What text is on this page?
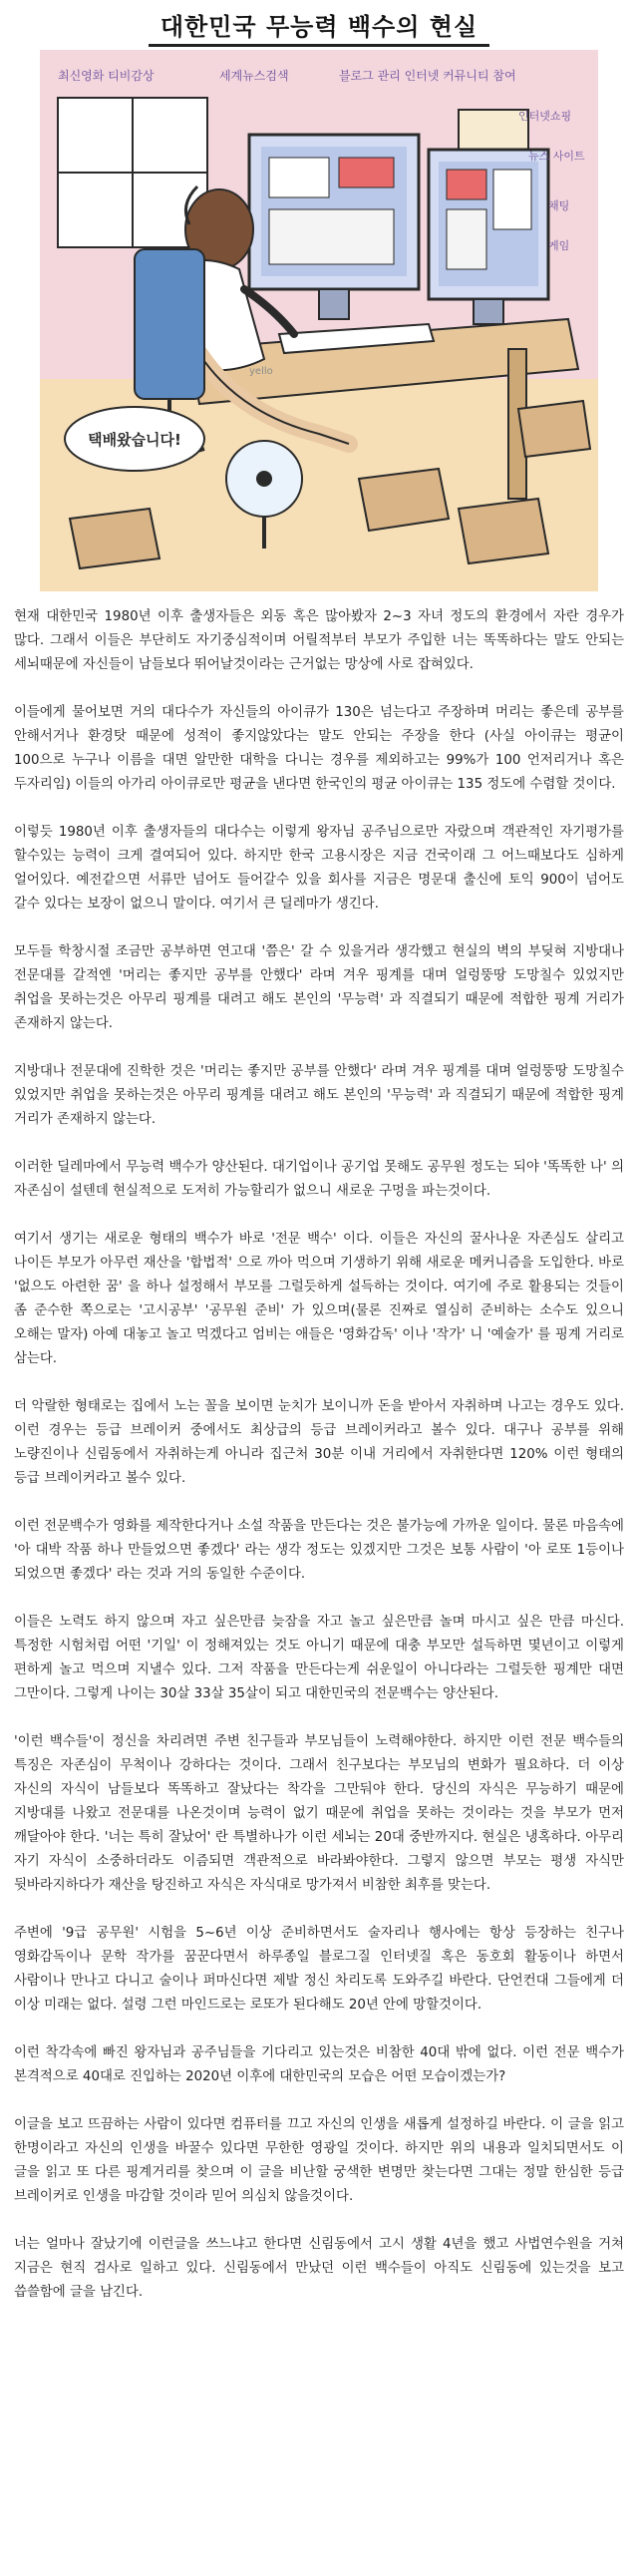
대한민국 무능력 백수의 현실
택배왔습니다!
최신영화 티비감상	세계뉴스검색	블로그 관리 인터넷 커뮤니티 참여
인터넷쇼핑
뉴스 사이트
채팅
게임
yello

현재 대한민국 1980년 이후 출생자들은 외동 혹은 많아봤자 2~3 자녀 정도의 환경에서 자란 경우가 많다. 그래서 이들은 부단히도 자기중심적이며 어릴적부터 부모가 주입한 너는 똑똑하다는 말도 안되는 세뇌때문에 자신들이 남들보다 뛰어날것이라는 근거없는 망상에 사로 잡혀있다.

이들에게 물어보면 거의 대다수가 자신들의 아이큐가 130은 넘는다고 주장하며 머리는 좋은데 공부를 안해서거나 환경탓 때문에 성적이 좋지않았다는 말도 안되는 주장을 한다 (사실 아이큐는 평균이 100으로 누구나 이름을 대면 알만한 대학을 다니는 경우를 제외하고는 99%가 100 언저리거나 혹은 두자리임) 이들의 아가리 아이큐로만 평균을 낸다면 한국인의 평균 아이큐는 135 정도에 수렴할 것이다.

이렇듯 1980년 이후 출생자들의 대다수는 이렇게 왕자님 공주님으로만 자랐으며 객관적인 자기평가를 할수있는 능력이 크게 결여되어 있다. 하지만 한국 고용시장은 지금 건국이래 그 어느때보다도 심하게 얼어있다. 예전같으면 서류만 넘어도 들어갈수 있을 회사를 지금은 명문대 출신에 토익 900이 넘어도 갈수 있다는 보장이 없으니 말이다. 여기서 큰 딜레마가 생긴다.

모두들 학창시절 조금만 공부하면 연고대 '쯤은' 갈 수 있을거라 생각했고 현실의 벽의 부딪혀 지방대나 전문대를 갈적엔 '머리는 좋지만 공부를 안했다' 라며 겨우 핑계를 대며 얼렁뚱땅 도망칠수 있었지만 취업을 못하는것은 아무리 핑계를 대려고 해도 본인의 '무능력' 과 직결되기 때문에 적합한 핑계 거리가 존재하지 않는다.

지방대나 전문대에 진학한 것은 '머리는 좋지만 공부를 안했다' 라며 겨우 핑계를 대며 얼렁뚱땅 도망칠수 있었지만 취업을 못하는것은 아무리 핑계를 대려고 해도 본인의 '무능력' 과 직결되기 때문에 적합한 핑계 거리가 존재하지 않는다.

이러한 딜레마에서 무능력 백수가 양산된다. 대기업이나 공기업 못해도 공무원 정도는 되야 '똑똑한 나' 의 자존심이 설텐데 현실적으로 도저히 가능할리가 없으니 새로운 구멍을 파는것이다.

여기서 생기는 새로운 형태의 백수가 바로 '전문 백수' 이다. 이들은 자신의 꿀사나운 자존심도 살리고 나이든 부모가 아무런 재산을 '합법적' 으로 까아 먹으며 기생하기 위해 새로운 메커니즘을 도입한다. 바로 '없으도 아련한 꿈' 을 하나 설정해서 부모를 그럴듯하게 설득하는 것이다. 여기에 주로 활용되는 것들이 좀 준수한 쪽으로는 '고시공부' '공무원 준비' 가 있으며(물론 진짜로 열심히 준비하는 소수도 있으니 오해는 말자) 아예 대놓고 놀고 먹겠다고 엄비는 애들은 '영화감독' 이나 '작가' 니 '예술가' 를 핑계 거리로 삼는다.

더 악랄한 형태로는 집에서 노는 꼴을 보이면 눈치가 보이니까 돈을 받아서 자취하며 나고는 경우도 있다. 이런 경우는 등급 브레이커 중에서도 최상급의 등급 브레이커라고 볼수 있다. 대구나 공부를 위해 노량진이나 신림동에서 자취하는게 아니라 집근처 30분 이내 거리에서 자취한다면 120% 이런 형태의 등급 브레이커라고 볼수 있다.

이런 전문백수가 영화를 제작한다거나 소설 작품을 만든다는 것은 불가능에 가까운 일이다. 물론 마음속에 '아 대박 작품 하나 만들었으면 좋겠다' 라는 생각 정도는 있겠지만 그것은 보통 사람이 '아 로또 1등이나 되었으면 좋겠다' 라는 것과 거의 동일한 수준이다.

이들은 노력도 하지 않으며 자고 싶은만큼 늦잠을 자고 놀고 싶은만큼 놀며 마시고 싶은 만큼 마신다. 특정한 시험처럼 어떤 '기일' 이 정해져있는 것도 아니기 때문에 대충 부모만 설득하면 몇년이고 이렇게 편하게 놀고 먹으며 지낼수 있다. 그저 작품을 만든다는게 쉬운일이 아니다라는 그럴듯한 핑계만 대면 그만이다. 그렇게 나이는 30살 33살 35살이 되고 대한민국의 전문백수는 양산된다.

'이런 백수들'이 정신을 차리려면 주변 친구들과 부모님들이 노력해야한다. 하지만 이런 전문 백수들의 특징은 자존심이 무척이나 강하다는 것이다. 그래서 친구보다는 부모님의 변화가 필요하다. 더 이상 자신의 자식이 남들보다 똑똑하고 잘났다는 착각을 그만둬야 한다. 당신의 자식은 무능하기 때문에 지방대를 나왔고 전문대를 나온것이며 능력이 없기 때문에 취업을 못하는 것이라는 것을 부모가 먼저 깨달아야 한다. '너는 특히 잘났어' 란 특별하나가 이런 세뇌는 20대 중반까지다. 현실은 냉혹하다. 아무리 자기 자식이 소중하더라도 이즘되면 객관적으로 바라봐야한다. 그렇지 않으면 부모는 평생 자식만 뒷바라지하다가 재산을 탕진하고 자식은 자식대로 망가져서 비참한 최후를 맞는다.

주변에 '9급 공무원' 시험을 5~6년 이상 준비하면서도 술자리나 행사에는 항상 등장하는 친구나 영화감독이나 문학 작가를 꿈꾼다면서 하루종일 블로그질 인터넷질 혹은 동호회 활동이나 하면서 사람이나 만나고 다니고 술이나 퍼마신다면 제발 정신 차리도록 도와주길 바란다. 단언컨대 그들에게 더 이상 미래는 없다. 설령 그런 마인드로는 로또가 된다해도 20년 안에 망할것이다.

이런 착각속에 빠진 왕자님과 공주님들을 기다리고 있는것은 비참한 40대 밖에 없다. 이런 전문 백수가 본격적으로 40대로 진입하는 2020년 이후에 대한민국의 모습은 어떤 모습이겠는가?

이글을 보고 뜨끔하는 사람이 있다면 컴퓨터를 끄고 자신의 인생을 새롭게 설정하길 바란다. 이 글을 읽고 한명이라고 자신의 인생을 바꿀수 있다면 무한한 영광일 것이다. 하지만 위의 내용과 일치되면서도 이 글을 읽고 또 다른 핑계거리를 찾으며 이 글을 비난할 궁색한 변명만 찾는다면 그대는 정말 한심한 등급 브레이커로 인생을 마감할 것이라 믿어 의심치 않을것이다.

너는 얼마나 잘났기에 이런글을 쓰느냐고 한다면 신림동에서 고시 생활 4년을 했고 사법연수원을 거쳐 지금은 현직 검사로 일하고 있다. 신림동에서 만났던 이런 백수들이 아직도 신림동에 있는것을 보고 씁쓸함에 글을 남긴다.
